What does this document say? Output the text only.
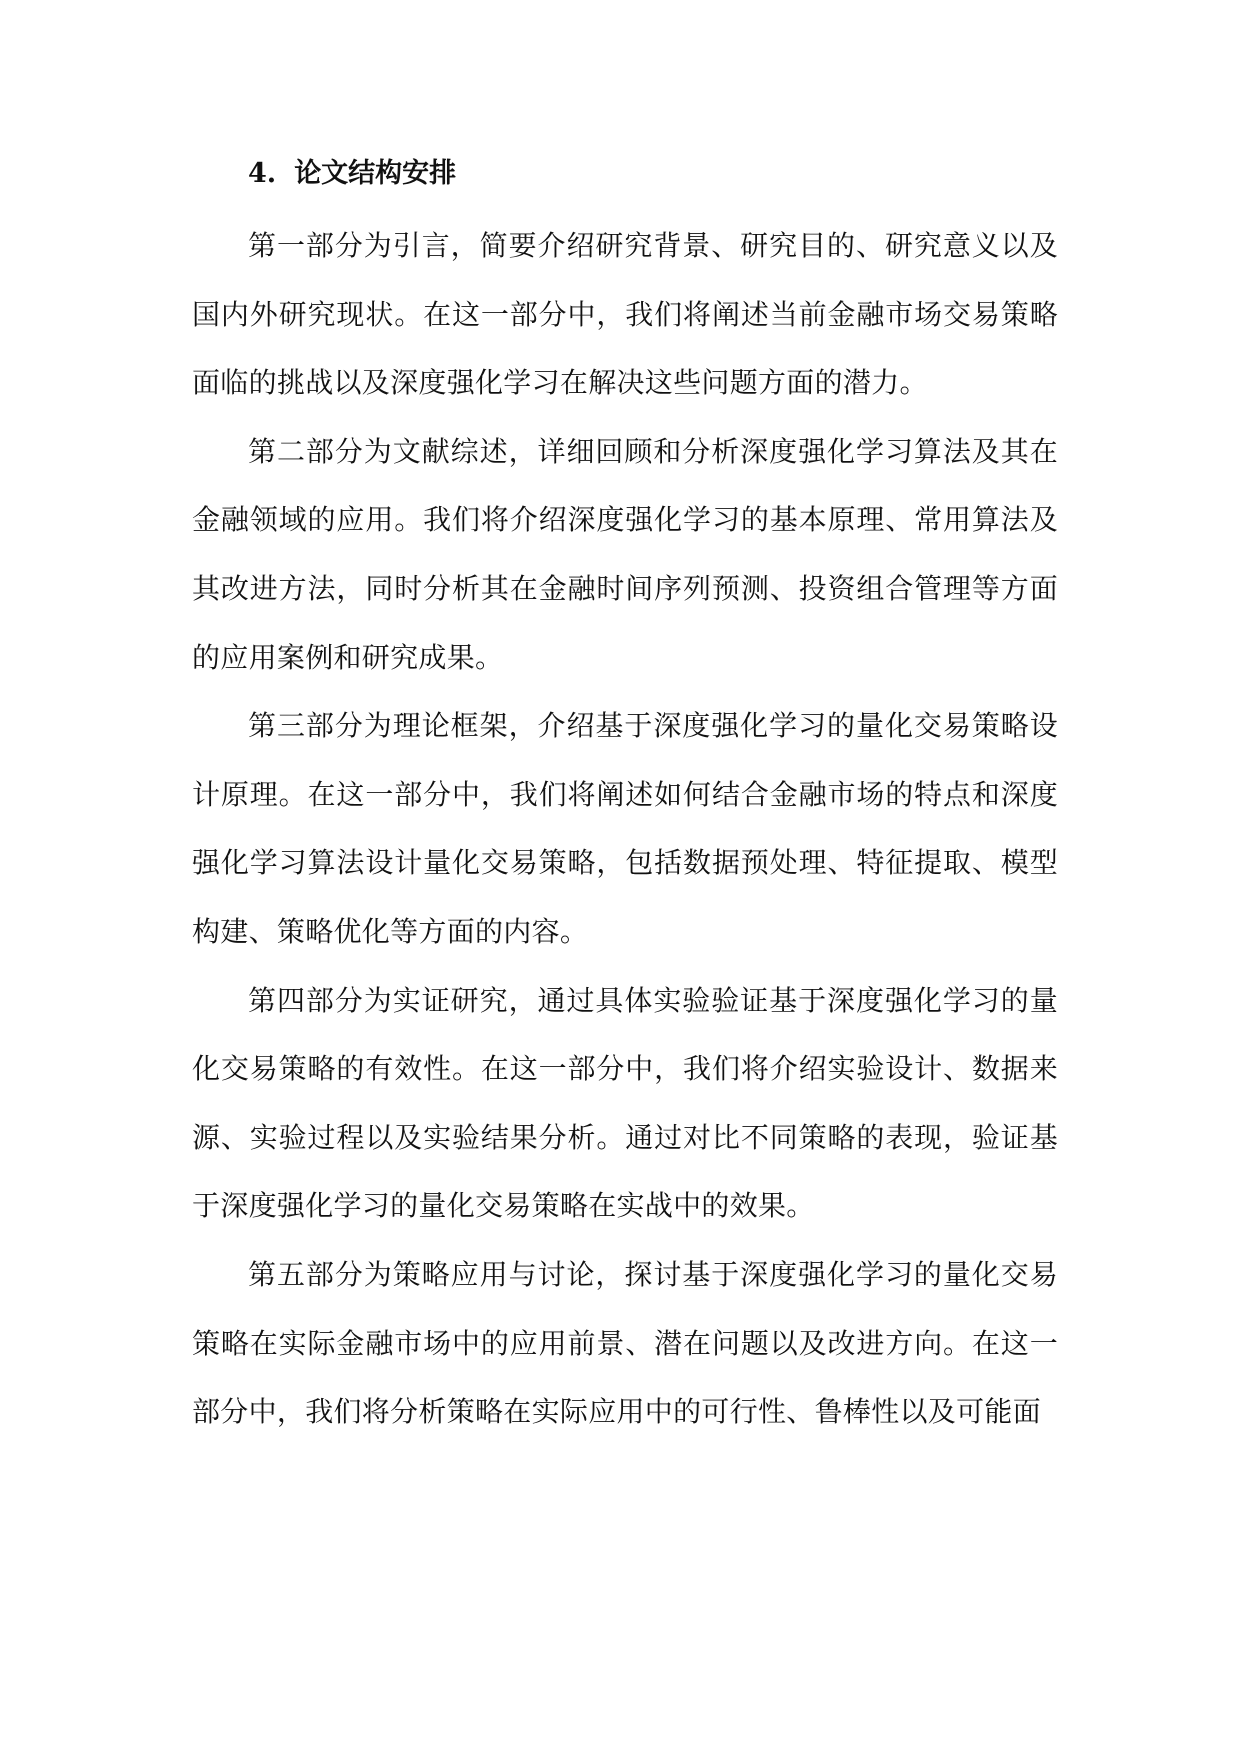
4. 论文结构安排

第一部分为引言，简要介绍研究背景、研究目的、研究意义以及国内外研究现状。在这一部分中，我们将阐述当前金融市场交易策略面临的挑战以及深度强化学习在解决这些问题方面的潜力。

第二部分为文献综述，详细回顾和分析深度强化学习算法及其在金融领域的应用。我们将介绍深度强化学习的基本原理、常用算法及其改进方法，同时分析其在金融时间序列预测、投资组合管理等方面的应用案例和研究成果。

第三部分为理论框架，介绍基于深度强化学习的量化交易策略设计原理。在这一部分中，我们将阐述如何结合金融市场的特点和深度强化学习算法设计量化交易策略，包括数据预处理、特征提取、模型构建、策略优化等方面的内容。

第四部分为实证研究，通过具体实验验证基于深度强化学习的量化交易策略的有效性。在这一部分中，我们将介绍实验设计、数据来源、实验过程以及实验结果分析。通过对比不同策略的表现，验证基于深度强化学习的量化交易策略在实战中的效果。

第五部分为策略应用与讨论，探讨基于深度强化学习的量化交易策略在实际金融市场中的应用前景、潜在问题以及改进方向。在这一部分中，我们将分析策略在实际应用中的可行性、鲁棒性以及可能面
